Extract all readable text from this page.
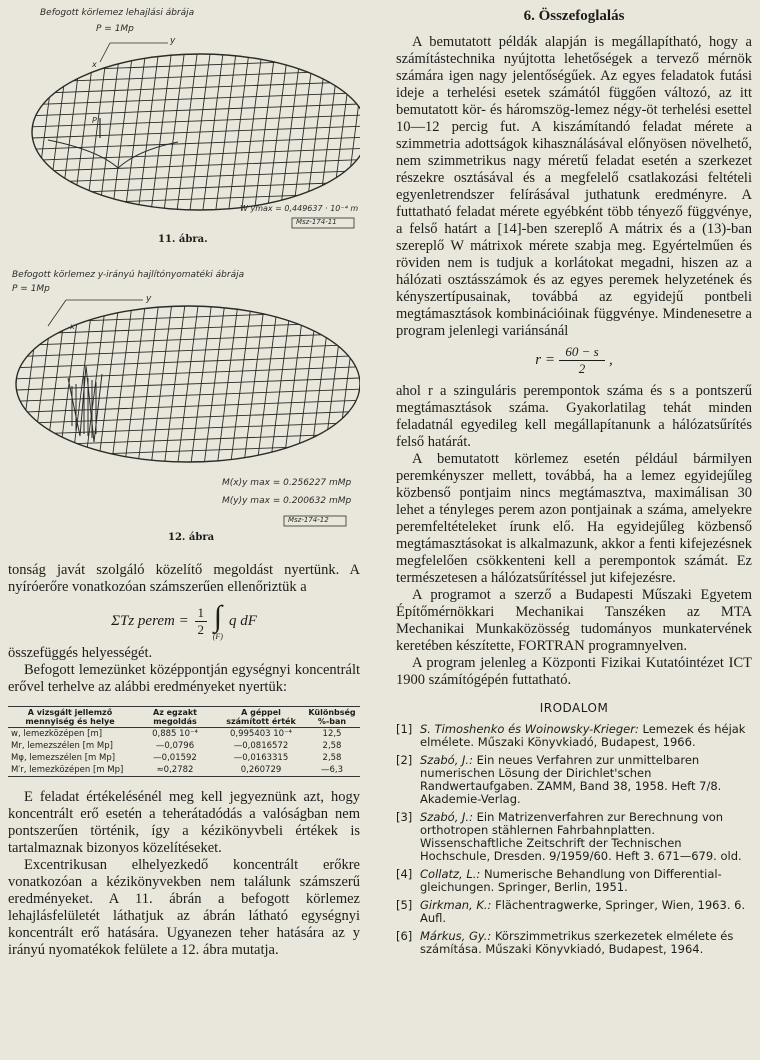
Befogott körlemez lehajlási ábrája
P = 1Mp
y
x
P
W ymax = 0,449637 · 10⁻⁴ m
Msz-174-11
11. ábra.
Befogott körlemez y-irányú hajlítónyomatéki ábrája
P = 1Mp
y
x
M(x)y max = 0.256227 mMp
M(y)y max = 0.200632 mMp
Msz-174-12
12. ábra

tonság javát szolgáló közelítő megoldást nyertünk. A nyíróerőre vonatkozóan számszerűen ellenőriztük a

ΣTz perem =
1
2 ∫
(F)
q dF

összefüggés helyességét.

Befogott lemezünket középpontján egységnyi koncentrált erővel terhelve az alábbi eredményeket nyertük:

A vizsgált jellemző mennyiség és helye	Az egzakt megoldás	A géppel számított érték	Különbség %-ban
w, lemezközépen [m]	0,885 10⁻⁴	0,995403 10⁻⁴	12,5
Mr, lemezszélen [m Mp]	—0,0796	—0,0816572	2,58
Mφ, lemezszélen [m Mp]	—0,01592	—0,0163315	2,58
M′r, lemezközépen [m Mp]	≈0,2782	0,260729	—6,3

E feladat értékelésénél meg kell jegyeznünk azt, hogy koncentrált erő esetén a teherátadódás a valóságban nem pontszerűen történik, így a kézikönyvbeli értékek is tartalmaznak bizonyos közelítéseket.

Excentrikusan elhelyezkedő koncentrált erőkre vonatkozóan a kézikönyvekben nem találunk számszerű eredményeket. A 11. ábrán a befogott körlemez lehajlásfelületét láthatjuk az ábrán látható egységnyi koncentrált erő hatására. Ugyanezen teher hatására az y irányú nyomatékok felülete a 12. ábra mutatja.

6. Összefoglalás

A bemutatott példák alapján is megállapítható, hogy a számítástechnika nyújtotta lehetőségek a tervező mérnök számára igen nagy jelentőségűek. Az egyes feladatok futási ideje a terhelési esetek számától függően változó, az itt bemutatott kör- és háromszög-lemez négy-öt terhelési esettel 10—12 percig fut. A kiszámítandó feladat mérete a szimmetria adottságok kihasználásával előnyösen növelhető, nem szimmetrikus nagy méretű feladat esetén a szerkezet részekre osztásával és a megfelelő csatlakozási feltételi egyenletrendszer felírásával juthatunk eredményre. A futtatható feladat mérete egyébként több tényező függvénye, a felső határt a [14]-ben szereplő A mátrix és a (13)-ban szereplő W mátrixok mérete szabja meg. Egyértelműen és röviden nem is tudjuk a korlátokat megadni, hiszen az a hálózati osztásszámok és az egyes peremek helyzetének és kényszertípusainak, továbbá az egyidejű pontbeli megtámasztások kombinációinak függvénye. Mindenesetre a program jelenlegi variánsánál

r =
60 − s
2
,

ahol r a szinguláris perempontok száma és s a pontszerű megtámasztások száma. Gyakorlatilag tehát minden feladatnál egyedileg kell megállapítanunk a hálózatsűrítés felső határát.

A bemutatott körlemez esetén például bármilyen peremkényszer mellett, továbbá, ha a lemez egyidejűleg közbenső pontjaim nincs megtámasztva, maximálisan 30 lehet a tényleges perem azon pontjainak a száma, amelyekre peremfeltételeket írunk elő. Ha egyidejűleg közbenső megtámasztásokat is alkalmazunk, akkor a fenti kifejezésnek megfelelően csökkenteni kell a perempontok számát. Ez természetesen a hálózatsűrítéssel jut kifejezésre.

A programot a szerző a Budapesti Műszaki Egyetem Építőmérnökkari Mechanikai Tanszéken az MTA Mechanikai Munkaközösség tudományos munkatervének keretében készítette, FORTRAN programnyelven.

A program jelenleg a Központi Fizikai Kutatóintézet ICT 1900 számítógépén futtatható.

IRODALOM
[1] S. Timoshenko és Woinowsky-Krieger: Lemezek és héjak elmélete. Műszaki Könyvkiadó, Budapest, 1966.
[2] Szabó, J.: Ein neues Verfahren zur unmittelbaren numerischen Lösung der Dirichlet'schen Randwertaufgaben. ZAMM, Band 38, 1958. Heft 7/8. Akademie-Verlag.
[3] Szabó, J.: Ein Matrizenverfahren zur Berechnung von orthotropen stählernen Fahrbahnplatten. Wissenschaftliche Zeitschrift der Technischen Hochschule, Dresden. 9/1959/60. Heft 3. 671—679. old.
[4] Collatz, L.: Numerische Behandlung von Differential-gleichungen. Springer, Berlin, 1951.
[5] Girkman, K.: Flächentragwerke, Springer, Wien, 1963. 6. Aufl.
[6] Márkus, Gy.: Körszimmetrikus szerkezetek elmélete és számítása. Műszaki Könyvkiadó, Budapest, 1964.
